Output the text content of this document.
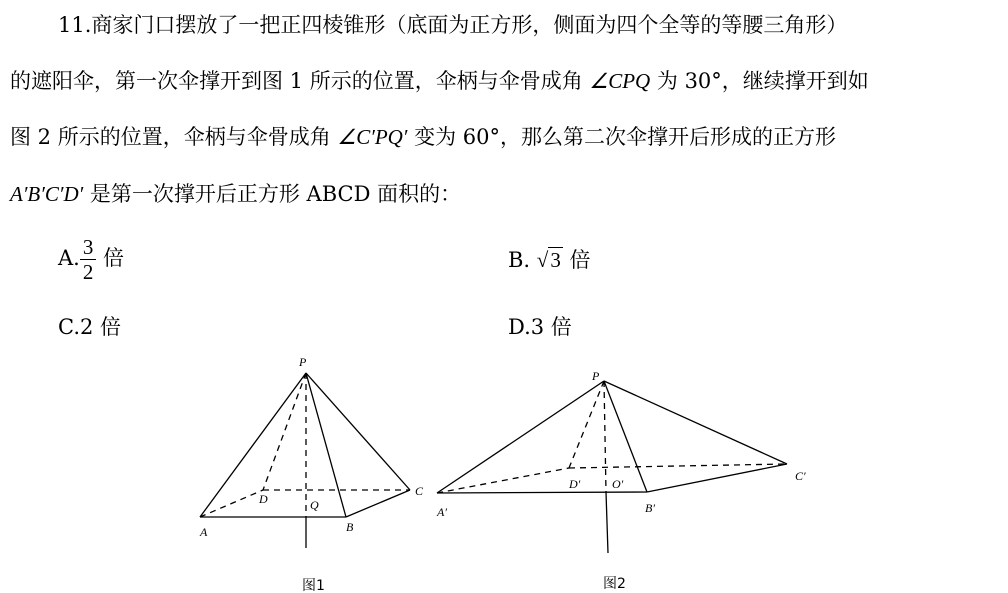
11.商家门口摆放了一把正四棱锥形（底面为正方形，侧面为四个全等的等腰三角形）
的遮阳伞，第一次伞撑开到图 1 所示的位置，伞柄与伞骨成角 ∠CPQ 为 30°，继续撑开到如
图 2 所示的位置，伞柄与伞骨成角 ∠C′PQ′ 变为 60°，那么第二次伞撑开后形成的正方形
A′B′C′D′ 是第一次撑开后正方形 ABCD 面积的：
A. $\frac{3}{2}$ 倍	B. √3 倍
C.2 倍	D.3 倍
P
A	B
C
D	Q
图1
P
A′	B′
C′
D′	O′
图2
